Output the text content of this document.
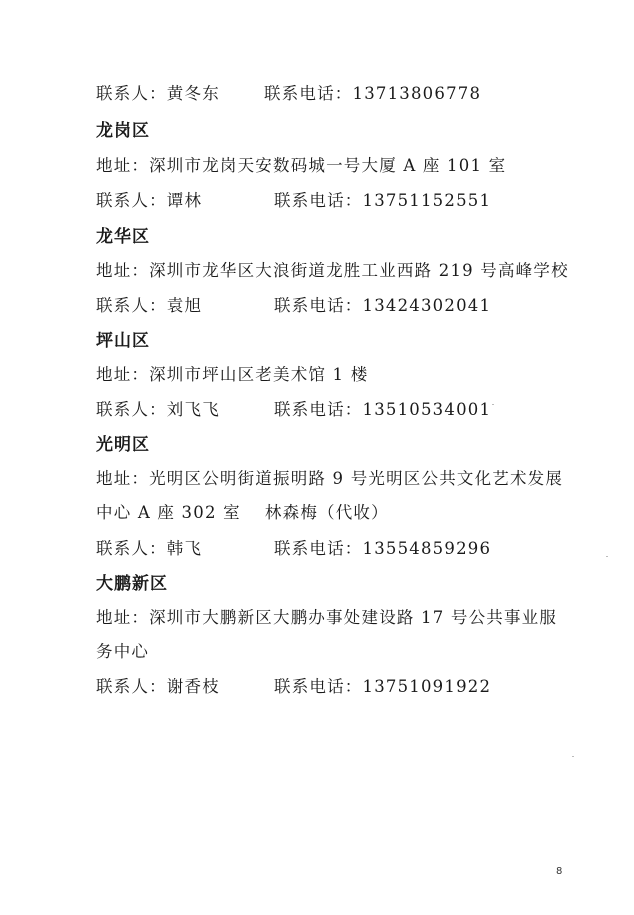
联系人：黄冬东	联系电话：13713806778
龙岗区
地址：深圳市龙岗天安数码城一号大厦 A 座 101 室
联系人：谭林	联系电话：13751152551
龙华区
地址：深圳市龙华区大浪街道龙胜工业西路 219 号高峰学校
联系人：袁旭	联系电话：13424302041
坪山区
地址：深圳市坪山区老美术馆 1 楼
联系人：刘飞飞	联系电话：13510534001
光明区
地址：光明区公明街道振明路 9 号光明区公共文化艺术发展
中心 A 座 302 室　 林森梅（代收）
联系人：韩飞	联系电话：13554859296
大鹏新区
地址：深圳市大鹏新区大鹏办事处建设路 17 号公共事业服
务中心
联系人：谢香枝	联系电话：13751091922
8
